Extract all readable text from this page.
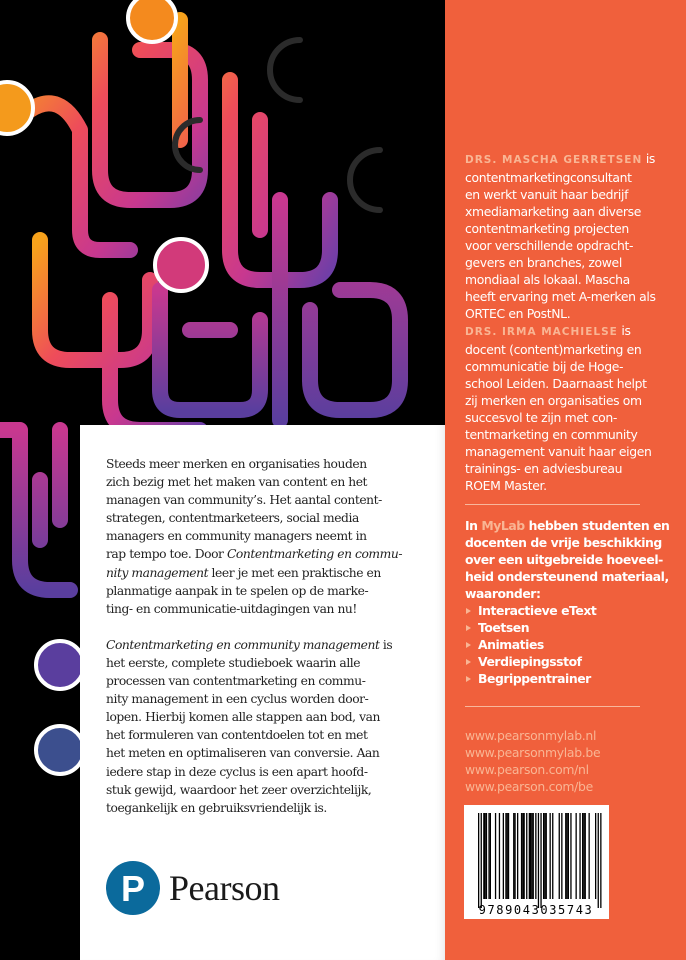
Steeds meer merken en organisaties houden
zich bezig met het maken van content en het
managen van community’s. Het aantal content-
strategen, contentmarketeers, social media
managers en community managers neemt in
rap tempo toe. Door Contentmarketing en commu-
nity management leer je met een praktische en
planmatige aanpak in te spelen op de marke-
ting- en communicatie-uitdagingen van nu!
Contentmarketing en community management is
het eerste, complete studieboek waarin alle
processen van contentmarketing en commu-
nity management in een cyclus worden door-
lopen. Hierbij komen alle stappen aan bod, van
het formuleren van contentdoelen tot en met
het meten en optimaliseren van conversie. Aan
iedere stap in deze cyclus is een apart hoofd-
stuk gewijd, waardoor het zeer overzichtelijk,
toegankelijk en gebruiksvriendelijk is.
P Pearson
DRS. MASCHA GERRETSEN is
contentmarketingconsultant
en werkt vanuit haar bedrijf
xmediamarketing aan diverse
contentmarketing projecten
voor verschillende opdracht-
gevers en branches, zowel
mondiaal als lokaal. Mascha
heeft ervaring met A-merken als
ORTEC en PostNL.
DRS. IRMA MACHIELSE is
docent (content)marketing en
communicatie bij de Hoge-
school Leiden. Daarnaast helpt
zij merken en organisaties om
succesvol te zijn met con-
tentmarketing en community
management vanuit haar eigen
trainings- en adviesbureau
ROEM Master.
In MyLab hebben studenten en
docenten de vrije beschikking
over een uitgebreide hoeveel-
heid ondersteunend materiaal,
waaronder:
Interactieve eText
Toetsen
Animaties
Verdiepingsstof
Begrippentrainer
www.pearsonmylab.nl
www.pearsonmylab.be
www.pearson.com/nl
www.pearson.com/be
9789043035743
